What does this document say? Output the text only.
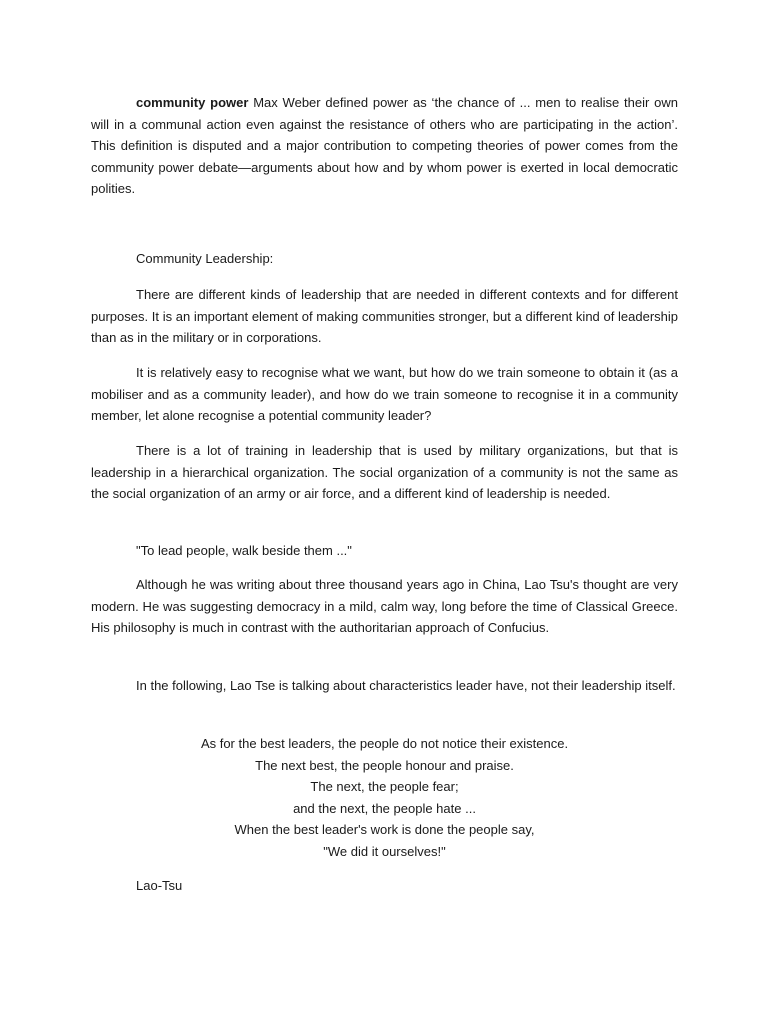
community power Max Weber defined power as ‘the chance of ... men to realise their own will in a communal action even against the resistance of others who are participating in the action’. This definition is disputed and a major contribution to competing theories of power comes from the community power debate—arguments about how and by whom power is exerted in local democratic polities.

Community Leadership:

There are different kinds of leadership that are needed in different contexts and for different purposes. It is an important element of making communities stronger, but a different kind of leadership than as in the military or in corporations.

It is relatively easy to recognise what we want, but how do we train someone to obtain it (as a mobiliser and as a community leader), and how do we train someone to recognise it in a community member, let alone recognise a potential community leader?

There is a lot of training in leadership that is used by military organizations, but that is leadership in a hierarchical organization. The social organization of a community is not the same as the social organization of an army or air force, and a different kind of leadership is needed.

"To lead people, walk beside them ..."

Although he was writing about three thousand years ago in China, Lao Tsu's thought are very modern. He was suggesting democracy in a mild, calm way, long before the time of Classical Greece. His philosophy is much in contrast with the authoritarian approach of Confucius.

In the following, Lao Tse is talking about characteristics leader have, not their leadership itself.

As for the best leaders, the people do not notice their existence.
The next best, the people honour and praise.
The next, the people fear;
and the next, the people hate ...
When the best leader's work is done the people say,
"We did it ourselves!"

Lao-Tsu
